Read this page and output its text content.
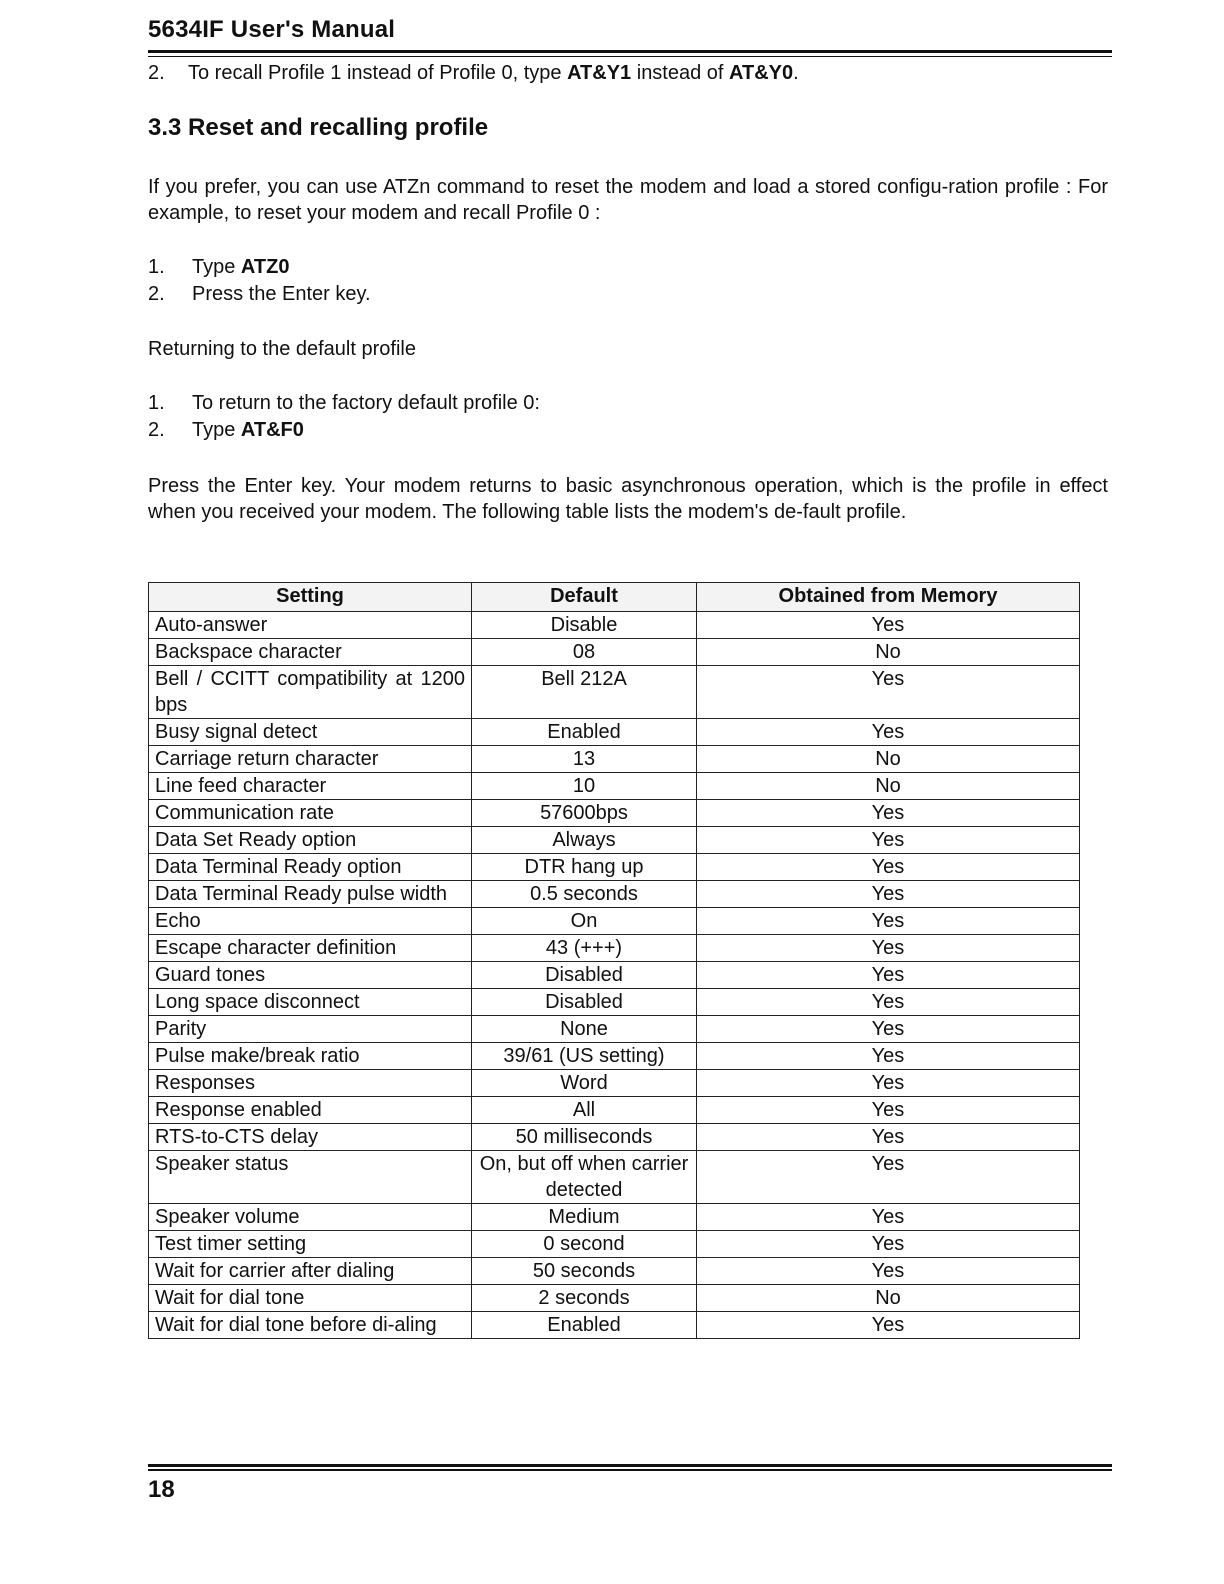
5634IF User's Manual
2. To recall Profile 1 instead of Profile 0, type AT&Y1 instead of AT&Y0.
3.3 Reset and recalling profile
If you prefer, you can use ATZn command to reset the modem and load a stored configu-ration profile : For example, to reset your modem and recall Profile 0 :
1. Type ATZ0
2. Press the Enter key.
Returning to the default profile
1. To return to the factory default profile 0:
2. Type AT&F0
Press the Enter key. Your modem returns to basic asynchronous operation, which is the profile in effect when you received your modem. The following table lists the modem's de-fault profile.
Setting	Default	Obtained from Memory
Auto-answer	Disable	Yes
Backspace character	08	No
Bell / CCITT compatibility at 1200 bps	Bell 212A	Yes
Busy signal detect	Enabled	Yes
Carriage return character	13	No
Line feed character	10	No
Communication rate	57600bps	Yes
Data Set Ready option	Always	Yes
Data Terminal Ready option	DTR hang up	Yes
Data Terminal Ready pulse width	0.5 seconds	Yes
Echo	On	Yes
Escape character definition	43 (+++)	Yes
Guard tones	Disabled	Yes
Long space disconnect	Disabled	Yes
Parity	None	Yes
Pulse make/break ratio	39/61 (US setting)	Yes
Responses	Word	Yes
Response enabled	All	Yes
RTS-to-CTS delay	50 milliseconds	Yes
Speaker status	On, but off when carrier detected	Yes
Speaker volume	Medium	Yes
Test timer setting	0 second	Yes
Wait for carrier after dialing	50 seconds	Yes
Wait for dial tone	2 seconds	No
Wait for dial tone before di-aling	Enabled	Yes
18
